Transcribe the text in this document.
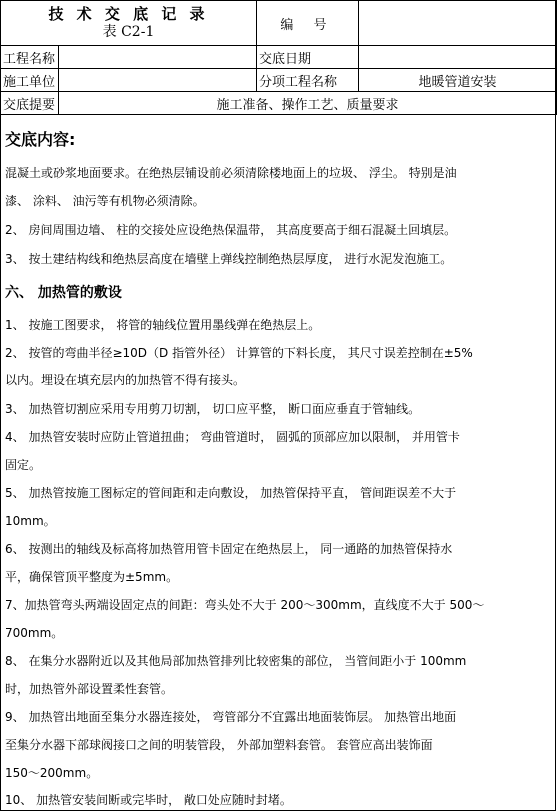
技 术 交 底 记 录
表 C2-1		编 号	
工程名称		交底日期	
施工单位		分项工程名称	地暖管道安装
交底提要	施工准备、操作工艺、质量要求		
交底内容:
混凝土或砂浆地面要求。在绝热层铺设前必须清除楼地面上的垃圾、 浮尘。 特别是油
漆、 涂料、 油污等有机物必须清除。
2、 房间周围边墙、 柱的交接处应设绝热保温带， 其高度要高于细石混凝土回填层。
3、 按土建结构线和绝热层高度在墙壁上弹线控制绝热层厚度， 进行水泥发泡施工。
六、 加热管的敷设
1、 按施工图要求， 将管的轴线位置用墨线弹在绝热层上。
2、 按管的弯曲半径≥10D（D 指管外径） 计算管的下料长度， 其尺寸误差控制在±5%
以内。埋设在填充层内的加热管不得有接头。
3、 加热管切割应采用专用剪刀切割， 切口应平整， 断口面应垂直于管轴线。
4、 加热管安装时应防止管道扭曲； 弯曲管道时， 圆弧的顶部应加以限制， 并用管卡
固定。
5、 加热管按施工图标定的管间距和走向敷设， 加热管保持平直， 管间距误差不大于
10mm。
6、 按测出的轴线及标高将加热管用管卡固定在绝热层上， 同一通路的加热管保持水
平，确保管顶平整度为±5mm。
7、加热管弯头两端设固定点的间距：弯头处不大于 200～300mm，直线度不大于 500～
700mm。
8、 在集分水器附近以及其他局部加热管排列比较密集的部位， 当管间距小于 100mm
时，加热管外部设置柔性套管。
9、 加热管出地面至集分水器连接处， 弯管部分不宜露出地面装饰层。 加热管出地面
至集分水器下部球阀接口之间的明装管段， 外部加塑料套管。 套管应高出装饰面
150～200mm。
10、 加热管安装间断或完毕时， 敞口处应随时封堵。
